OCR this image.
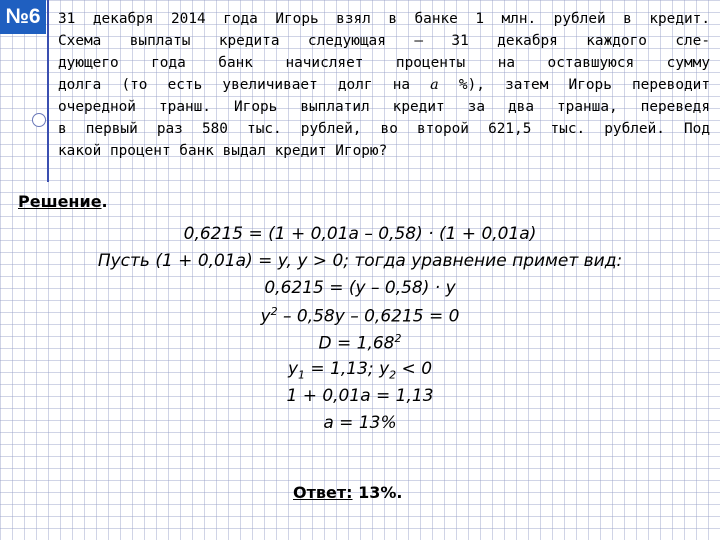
№6	31 декабря 2014 года Игорь взял в банке 1 млн. рублей в кредит.
Схема выплаты кредита следующая – 31 декабря каждого сле-
дующего года банк начисляет проценты на оставшуюся сумму
долга (то есть увеличивает долг на a %), затем Игорь переводит
очередной транш. Игорь выплатил кредит за два транша, переведя
в первый раз 580 тыс. рублей, во второй 621,5 тыс. рублей. Под
какой процент банк выдал кредит Игорю?
Решение.
0,6215 = (1 + 0,01a – 0,58) · (1 + 0,01a)
Пусть (1 + 0,01a) = y, y > 0; тогда уравнение примет вид:
0,6215 = (y – 0,58) · y
$y^2 - 0,58y - 0,6215 = 0$
$D = 1,68^2$
$y_1 = 1,13$; $y_2 < 0$
1 + 0,01a = 1,13
a = 13%
Ответ: 13%.
